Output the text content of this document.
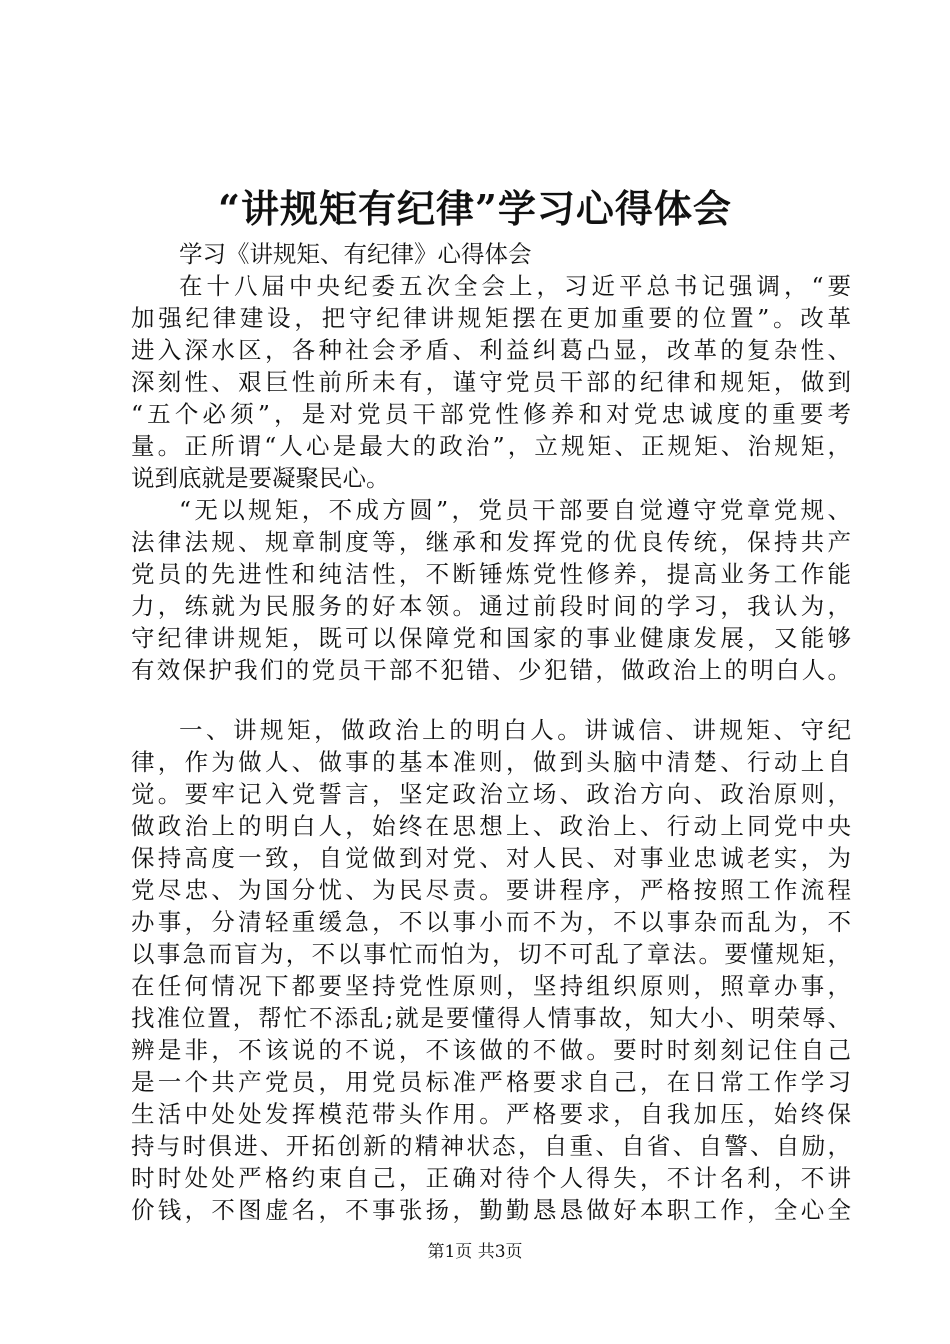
“讲规矩有纪律”学习心得体会
学习《讲规矩、有纪律》心得体会
在十八届中央纪委五次全会上，习近平总书记强调，“要
加强纪律建设，把守纪律讲规矩摆在更加重要的位置”。改革
进入深水区，各种社会矛盾、利益纠葛凸显，改革的复杂性、
深刻性、艰巨性前所未有，谨守党员干部的纪律和规矩，做到
“五个必须”，是对党员干部党性修养和对党忠诚度的重要考
量。正所谓“人心是最大的政治”，立规矩、正规矩、治规矩，
说到底就是要凝聚民心。
“无以规矩，不成方圆”，党员干部要自觉遵守党章党规、
法律法规、规章制度等，继承和发挥党的优良传统，保持共产
党员的先进性和纯洁性，不断锤炼党性修养，提高业务工作能
力，练就为民服务的好本领。通过前段时间的学习，我认为，
守纪律讲规矩，既可以保障党和国家的事业健康发展，又能够
有效保护我们的党员干部不犯错、少犯错，做政治上的明白人。
一、讲规矩，做政治上的明白人。讲诚信、讲规矩、守纪
律，作为做人、做事的基本准则，做到头脑中清楚、行动上自
觉。要牢记入党誓言，坚定政治立场、政治方向、政治原则，
做政治上的明白人，始终在思想上、政治上、行动上同党中央
保持高度一致，自觉做到对党、对人民、对事业忠诚老实，为
党尽忠、为国分忧、为民尽责。要讲程序，严格按照工作流程
办事，分清轻重缓急，不以事小而不为，不以事杂而乱为，不
以事急而盲为，不以事忙而怕为，切不可乱了章法。要懂规矩，
在任何情况下都要坚持党性原则，坚持组织原则，照章办事，
找准位置，帮忙不添乱;就是要懂得人情事故，知大小、明荣辱、
辨是非，不该说的不说，不该做的不做。要时时刻刻记住自己
是一个共产党员，用党员标准严格要求自己，在日常工作学习
生活中处处发挥模范带头作用。严格要求，自我加压，始终保
持与时俱进、开拓创新的精神状态，自重、自省、自警、自励，
时时处处严格约束自己，正确对待个人得失，不计名利，不讲
价钱，不图虚名，不事张扬，勤勤恳恳做好本职工作，全心全
第1页 共3页
